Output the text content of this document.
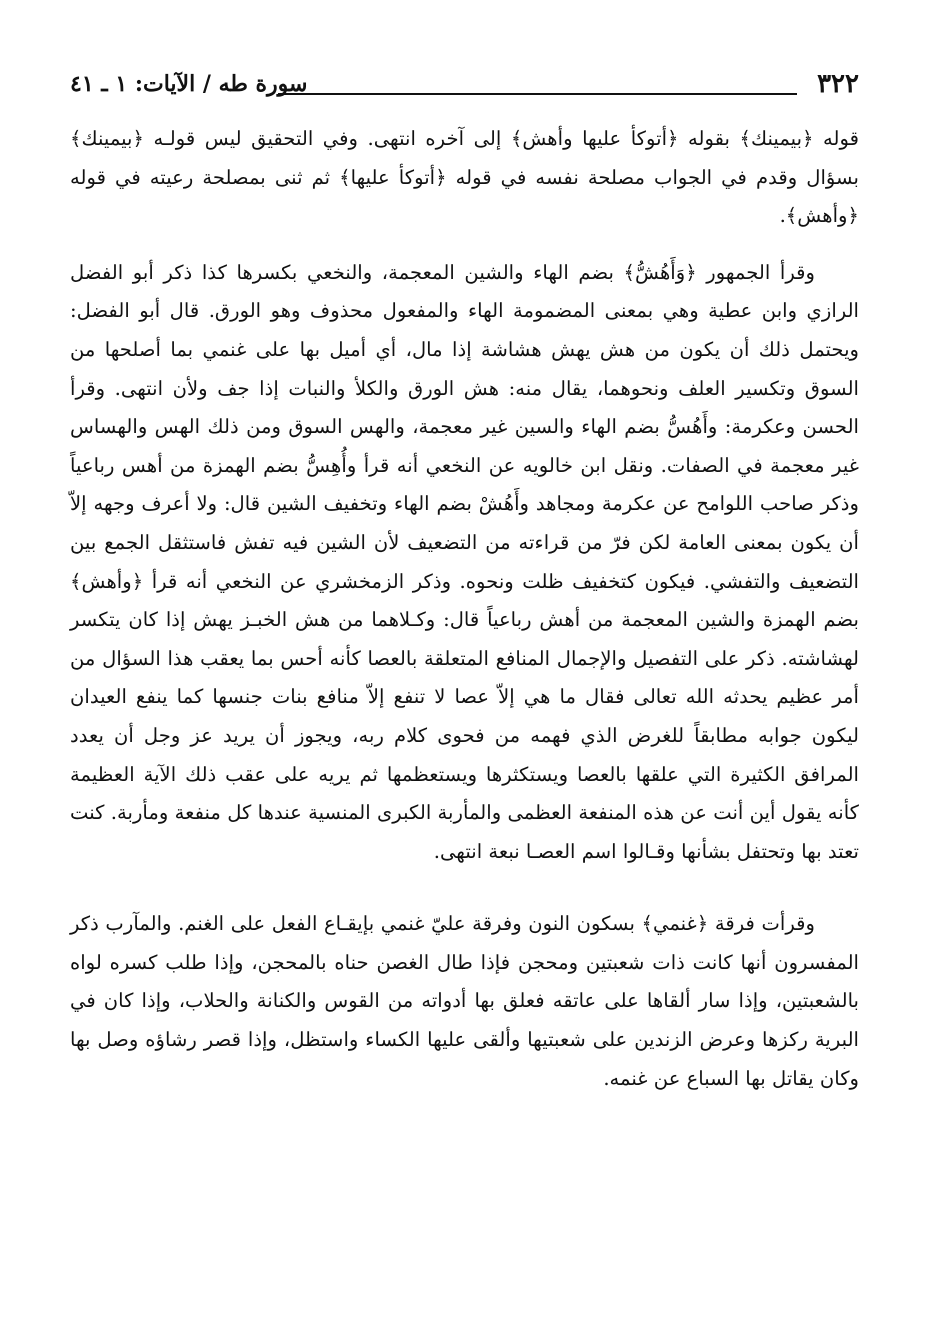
٣٢٢
سورة طه / الآيات: ١ ـ ٤١

قوله ﴿بيمينك﴾ بقوله ﴿أتوكأ عليها وأهش﴾ إلى آخره انتهى. وفي التحقيق ليس قولـه ﴿بيمينك﴾ بسؤال وقدم في الجواب مصلحة نفسه في قوله ﴿أتوكأ عليها﴾ ثم ثنى بمصلحة رعيته في قوله ﴿وأهش﴾.

وقرأ الجمهور ﴿وَأَهُشُّ﴾ بضم الهاء والشين المعجمة، والنخعي بكسرها كذا ذكر أبو الفضل الرازي وابن عطية وهي بمعنى المضمومة الهاء والمفعول محذوف وهو الورق. قال أبو الفضل: ويحتمل ذلك أن يكون من هش يهش هشاشة إذا مال، أي أميل بها على غنمي بما أصلحها من السوق وتكسير العلف ونحوهما، يقال منه: هش الورق والكلأ والنبات إذا جف ولأن انتهى. وقرأ الحسن وعكرمة: وأَهُسُّ بضم الهاء والسين غير معجمة، والهس السوق ومن ذلك الهس والهساس غير معجمة في الصفات. ونقل ابن خالويه عن النخعي أنه قرأ وأُهِسُّ بضم الهمزة من أهس رباعياً وذكر صاحب اللوامح عن عكرمة ومجاهد وأَهُشْ بضم الهاء وتخفيف الشين قال: ولا أعرف وجهه إلاّ أن يكون بمعنى العامة لكن فرّ من قراءته من التضعيف لأن الشين فيه تفش فاستثقل الجمع بين التضعيف والتفشي. فيكون كتخفيف ظلت ونحوه. وذكر الزمخشري عن النخعي أنه قرأ ﴿وأهش﴾ بضم الهمزة والشين المعجمة من أهش رباعياً قال: وكـلاهما من هش الخبـز يهش إذا كان يتكسر لهشاشته. ذكر على التفصيل والإجمال المنافع المتعلقة بالعصا كأنه أحس بما يعقب هذا السؤال من أمر عظيم يحدثه الله تعالى فقال ما هي إلاّ عصا لا تنفع إلاّ منافع بنات جنسها كما ينفع العيدان ليكون جوابه مطابقاً للغرض الذي فهمه من فحوى كلام ربه، ويجوز أن يريد عز وجل أن يعدد المرافق الكثيرة التي علقها بالعصا ويستكثرها ويستعظمها ثم يريه على عقب ذلك الآية العظيمة كأنه يقول أين أنت عن هذه المنفعة العظمى والمأربة الكبرى المنسية عندها كل منفعة ومأربة. كنت تعتد بها وتحتفل بشأنها وقـالوا اسم العصـا نبعة انتهى.

وقرأت فرقة ﴿غنمي﴾ بسكون النون وفرقة عليّ غنمي بإيقـاع الفعل على الغنم. والمآرب ذكر المفسرون أنها كانت ذات شعبتين ومحجن فإذا طال الغصن حناه بالمحجن، وإذا طلب كسره لواه بالشعبتين، وإذا سار ألقاها على عاتقه فعلق بها أدواته من القوس والكنانة والحلاب، وإذا كان في البرية ركزها وعرض الزندين على شعبتيها وألقى عليها الكساء واستظل، وإذا قصر رشاؤه وصل بها وكان يقاتل بها السباع عن غنمه.
